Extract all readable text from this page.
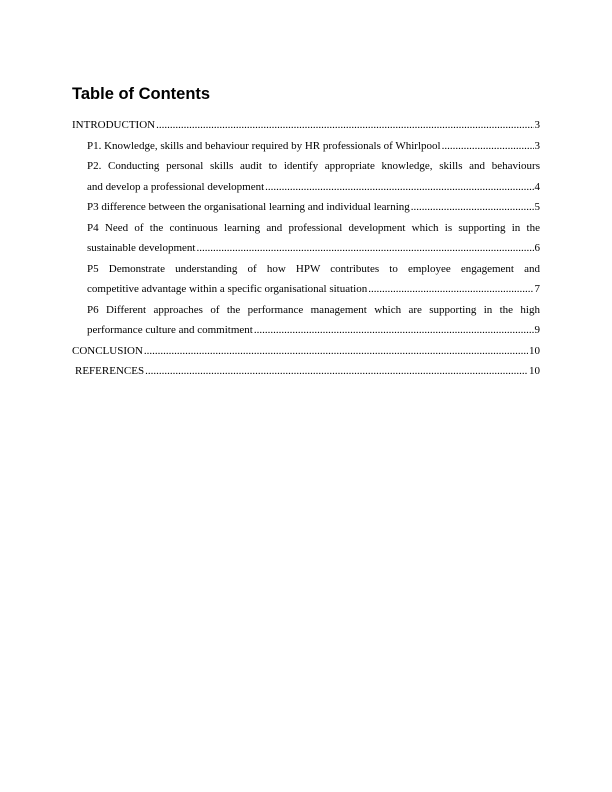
Table of Contents
INTRODUCTION .....	3
P1. Knowledge, skills and behaviour required by HR professionals of Whirlpool .....	3
P2. Conducting personal skills audit to identify appropriate knowledge, skills and behaviours
and develop a professional development .....	4
P3 difference between the organisational learning and individual learning .....	5
P4 Need of the continuous learning and professional development which is supporting in the
sustainable development .....	6
P5 Demonstrate understanding of how HPW contributes to employee engagement and
competitive advantage within a specific organisational situation .....	7
P6 Different approaches of the performance management which are supporting in the high
performance culture and commitment .....	9
CONCLUSION .....	10
REFERENCES .....	10
